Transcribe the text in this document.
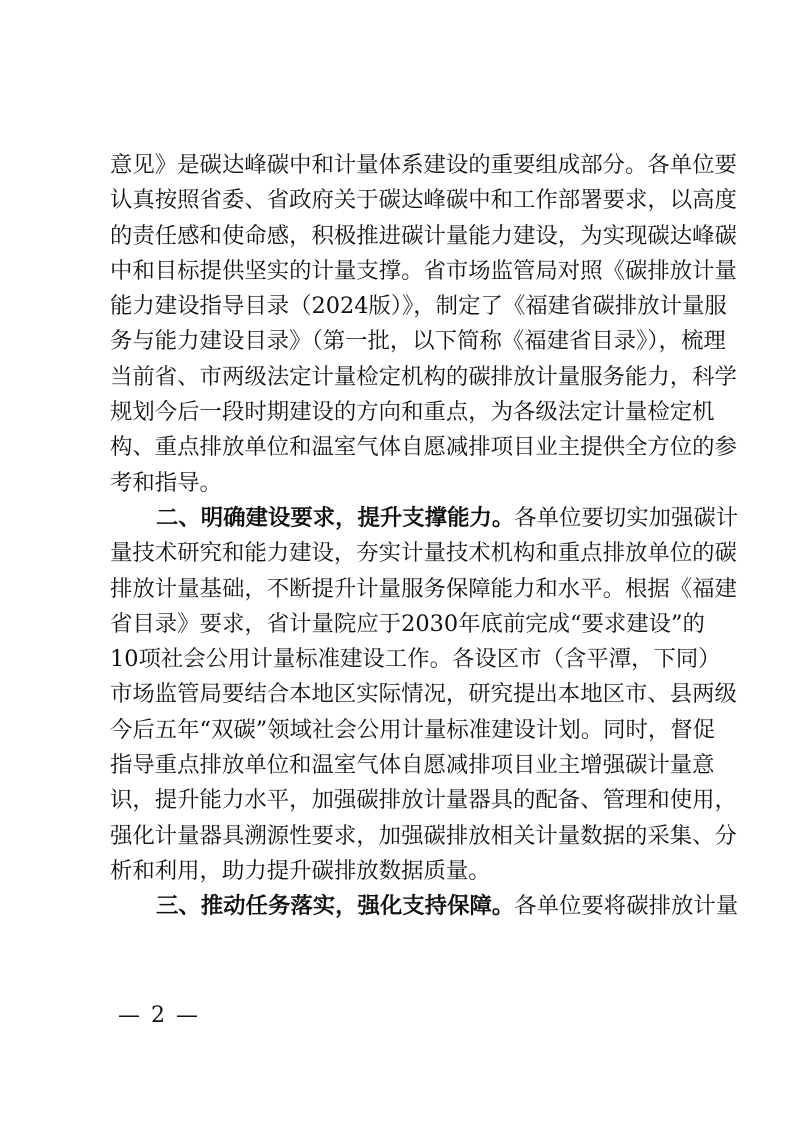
意见》是碳达峰碳中和计量体系建设的重要组成部分。各单位要
认真按照省委、省政府关于碳达峰碳中和工作部署要求，以高度
的责任感和使命感，积极推进碳计量能力建设，为实现碳达峰碳
中和目标提供坚实的计量支撑。省市场监管局对照《碳排放计量
能力建设指导目录（2024版）》，制定了《福建省碳排放计量服
务与能力建设目录》（第一批，以下简称《福建省目录》），梳理
当前省、市两级法定计量检定机构的碳排放计量服务能力，科学
规划今后一段时期建设的方向和重点，为各级法定计量检定机
构、重点排放单位和温室气体自愿减排项目业主提供全方位的参
考和指导。
二、明确建设要求，提升支撑能力。各单位要切实加强碳计
量技术研究和能力建设，夯实计量技术机构和重点排放单位的碳
排放计量基础，不断提升计量服务保障能力和水平。根据《福建
省目录》要求，省计量院应于2030年底前完成“要求建设”的
10项社会公用计量标准建设工作。各设区市（含平潭，下同）
市场监管局要结合本地区实际情况，研究提出本地区市、县两级
今后五年“双碳”领域社会公用计量标准建设计划。同时，督促
指导重点排放单位和温室气体自愿减排项目业主增强碳计量意
识，提升能力水平，加强碳排放计量器具的配备、管理和使用，
强化计量器具溯源性要求，加强碳排放相关计量数据的采集、分
析和利用，助力提升碳排放数据质量。
三、推动任务落实，强化支持保障。各单位要将碳排放计量
— 2 —
